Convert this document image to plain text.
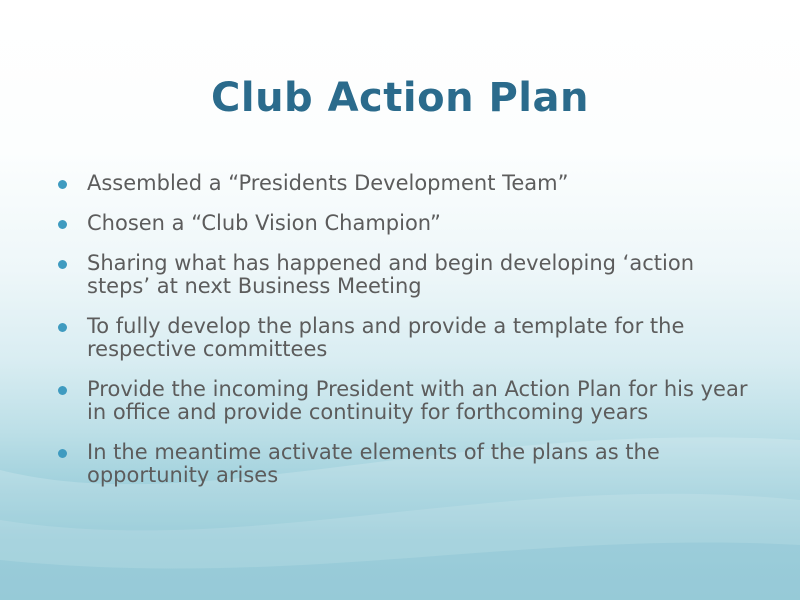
Club Action Plan
Assembled a “Presidents Development Team”
Chosen a “Club Vision Champion”
Sharing what has happened and begin developing ‘action steps’ at next Business Meeting
To fully develop the plans and provide a template for the respective committees
Provide the incoming President with an Action Plan for his year in office and provide continuity for forthcoming years
In the meantime activate elements of the plans as the opportunity arises
